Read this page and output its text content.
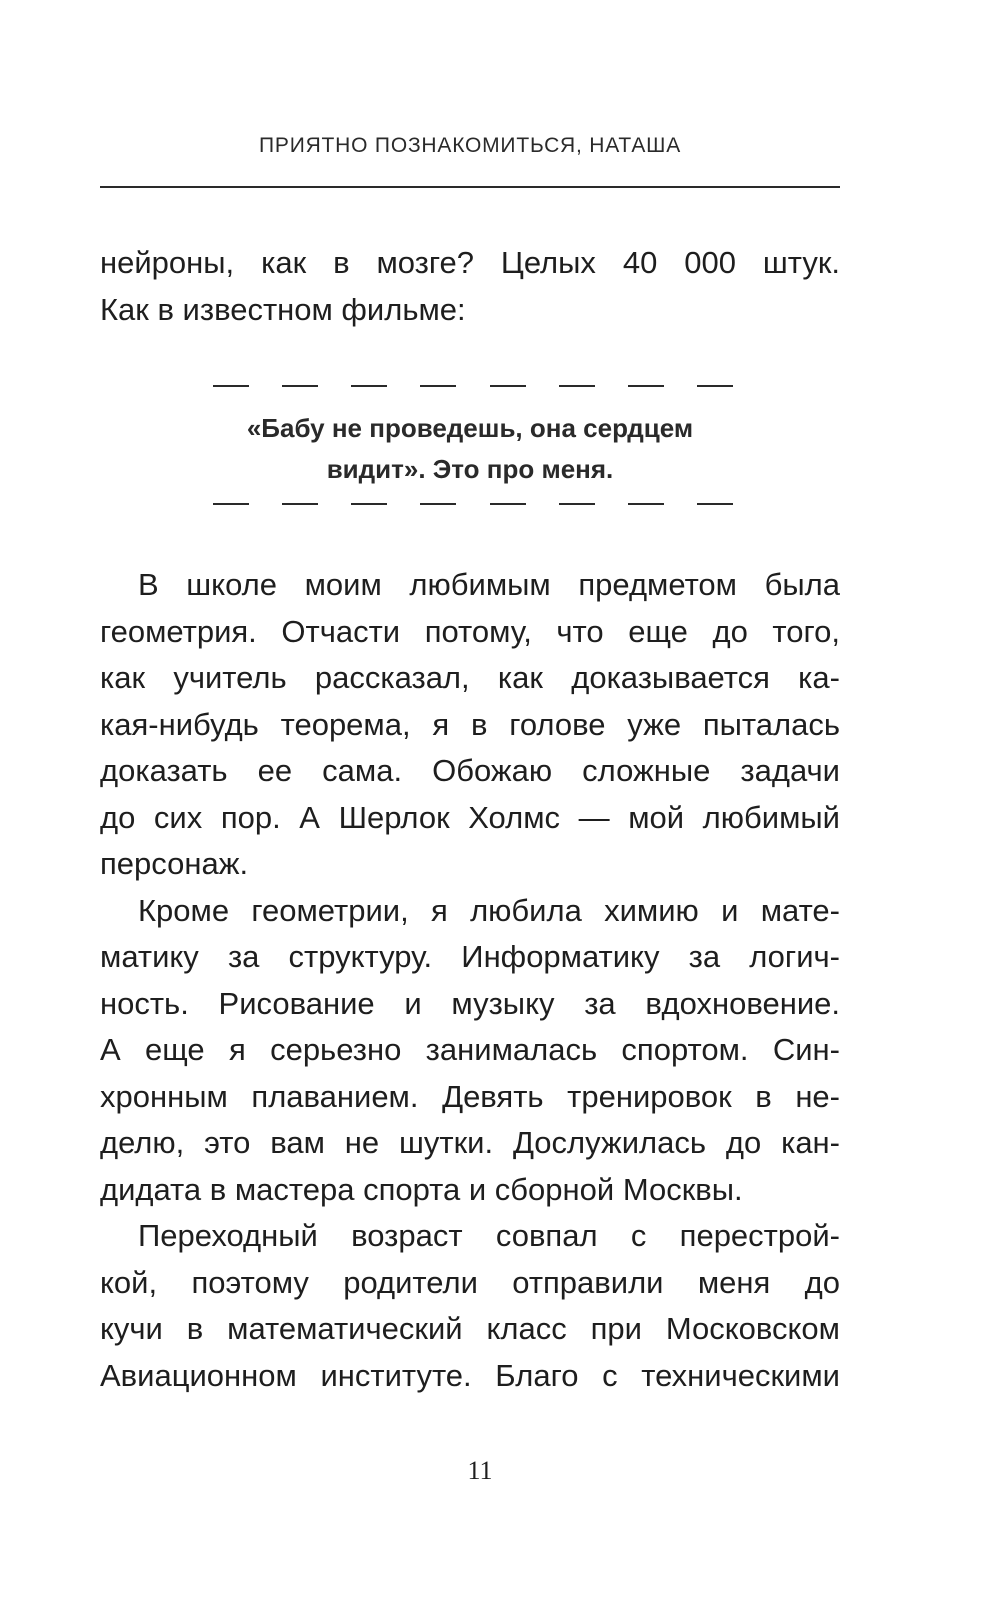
ПРИЯТНО ПОЗНАКОМИТЬСЯ, НАТАША
нейроны, как в мозге? Целых 40 000 штук.
Как в известном фильме:
«Бабу не проведешь, она сердцем
видит». Это про меня.
В школе моим любимым предметом была
геометрия. Отчасти потому, что еще до того,
как учитель рассказал, как доказывается ка-
кая-нибудь теорема, я в голове уже пыталась
доказать ее сама. Обожаю сложные задачи
до сих пор. А Шерлок Холмс — мой любимый
персонаж.
Кроме геометрии, я любила химию и мате-
матику за структуру. Информатику за логич-
ность. Рисование и музыку за вдохновение.
А еще я серьезно занималась спортом. Син-
хронным плаванием. Девять тренировок в не-
делю, это вам не шутки. Дослужилась до кан-
дидата в мастера спорта и сборной Москвы.
Переходный возраст совпал с перестрой-
кой, поэтому родители отправили меня до
кучи в математический класс при Московском
Авиационном институте. Благо с техническими
11
